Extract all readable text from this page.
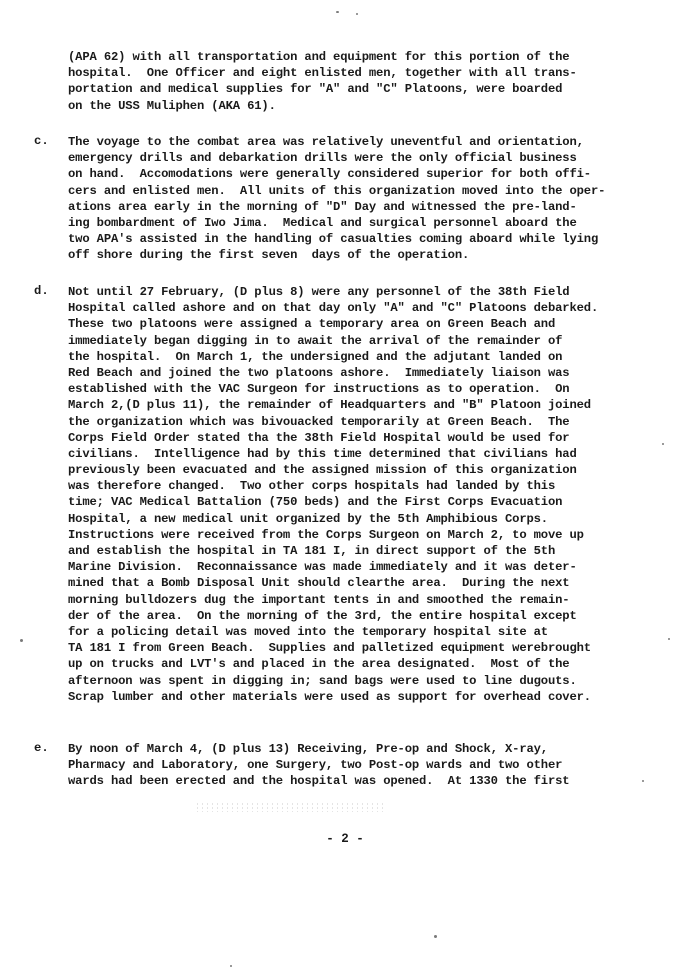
(APA 62) with all transportation and equipment for this portion of the
hospital.  One Officer and eight enlisted men, together with all trans-
portation and medical supplies for "A" and "C" Platoons, were boarded
on the USS Muliphen (AKA 61).
c. The voyage to the combat area was relatively uneventful and orientation,
emergency drills and debarkation drills were the only official business
on hand.  Accomodations were generally considered superior for both offi-
cers and enlisted men.  All units of this organization moved into the oper-
ations area early in the morning of "D" Day and witnessed the pre-land-
ing bombardment of Iwo Jima.  Medical and surgical personnel aboard the
two APA's assisted in the handling of casualties coming aboard while lying
off shore during the first seven  days of the operation.
d. Not until 27 February, (D plus 8) were any personnel of the 38th Field
Hospital called ashore and on that day only "A" and "C" Platoons debarked.
These two platoons were assigned a temporary area on Green Beach and
immediately began digging in to await the arrival of the remainder of
the hospital.  On March 1, the undersigned and the adjutant landed on
Red Beach and joined the two platoons ashore.  Immediately liaison was
established with the VAC Surgeon for instructions as to operation.  On
March 2,(D plus 11), the remainder of Headquarters and "B" Platoon joined
the organization which was bivouacked temporarily at Green Beach.  The
Corps Field Order stated tha the 38th Field Hospital would be used for
civilians.  Intelligence had by this time determined that civilians had
previously been evacuated and the assigned mission of this organization
was therefore changed.  Two other corps hospitals had landed by this
time; VAC Medical Battalion (750 beds) and the First Corps Evacuation
Hospital, a new medical unit organized by the 5th Amphibious Corps.
Instructions were received from the Corps Surgeon on March 2, to move up
and establish the hospital in TA 181 I, in direct support of the 5th
Marine Division.  Reconnaissance was made immediately and it was deter-
mined that a Bomb Disposal Unit should clearthe area.  During the next
morning bulldozers dug the important tents in and smoothed the remain-
der of the area.  On the morning of the 3rd, the entire hospital except
for a policing detail was moved into the temporary hospital site at
TA 181 I from Green Beach.  Supplies and palletized equipment werebrought
up on trucks and LVT's and placed in the area designated.  Most of the
afternoon was spent in digging in; sand bags were used to line dugouts.
Scrap lumber and other materials were used as support for overhead cover.
e. By noon of March 4, (D plus 13) Receiving, Pre-op and Shock, X-ray,
Pharmacy and Laboratory, one Surgery, two Post-op wards and two other
wards had been erected and the hospital was opened.  At 1330 the first
- 2 -
